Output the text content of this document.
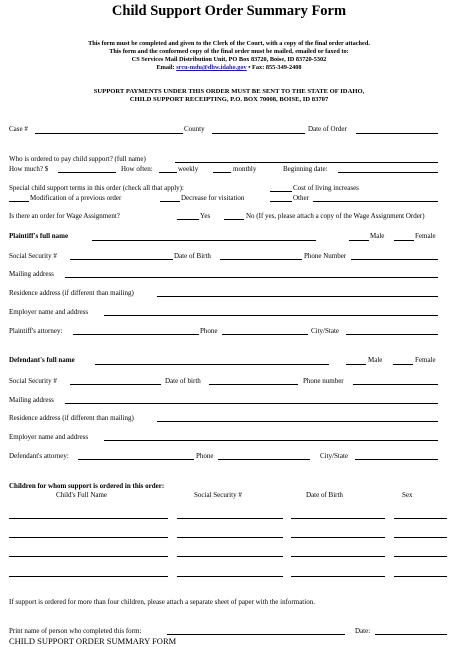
Child Support Order Summary Form
This form must be completed and given to the Clerk of the Court, with a copy of the final order attached.
This form and the conformed copy of the final order must be mailed, emailed or faxed to:
CS Services Mail Distribution Unit, PO Box 83720, Boise, ID 83720-5302
Email: srcu-mdu@dhw.idaho.gov • Fax: 855-349-2408
SUPPORT PAYMENTS UNDER THIS ORDER MUST BE SENT TO THE STATE OF IDAHO,
CHILD SUPPORT RECEIPTING, P.O. BOX 70008, BOISE, ID 83707
Case #	County	Date of Order
Who is ordered to pay child support? (full name)
How much? $	How often:	weekly	monthly	Beginning date:
Special child support terms in this order (check all that apply):	Cost of living increases
Modification of a previous order	Decrease for visitation	Other
Is there an order for Wage Assignment?	Yes	No (If yes, please attach a copy of the Wage Assignment Order)
Plaintiff's full name	Male	Female
Social Security #	Date of Birth	Phone Number
Mailing address
Residence address (if different than mailing)
Employer name and address
Plaintiff's attorney:	Phone	City/State
Defendant's full name	Male	Female
Social Security #	Date of birth	Phone number
Mailing address
Residence address (if different than mailing)
Employer name and address
Defendant's attorney:	Phone	City/State
Children for whom support is ordered in this order:
Child's Full Name	Social Security #	Date of Birth	Sex
If support is ordered for more than four children, please attach a separate sheet of paper with the information.
Print name of person who completed this form:	Date:
CHILD SUPPORT ORDER SUMMARY FORM
